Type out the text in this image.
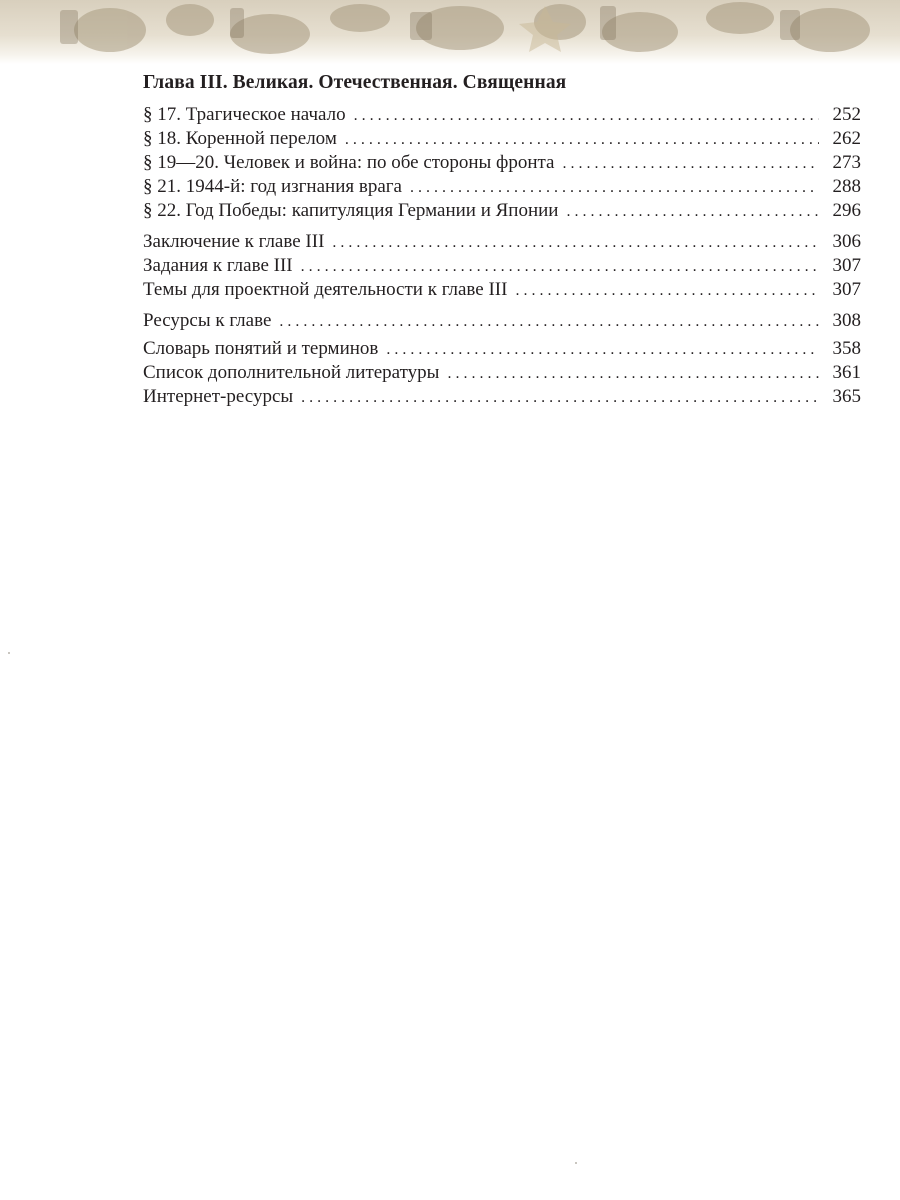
Глава III. Великая. Отечественная. Священная
§ 17. Трагическое начало . . .	252
§ 18. Коренной перелом . . .	262
§ 19—20. Человек и война: по обе стороны фронта . . .	273
§ 21. 1944-й: год изгнания врага . . .	288
§ 22. Год Победы: капитуляция Германии и Японии . . .	296
Заключение к главе III . . .	306
Задания к главе III . . .	307
Темы для проектной деятельности к главе III . . .	307
Ресурсы к главе . . .	308
Словарь понятий и терминов . . .	358
Список дополнительной литературы . . .	361
Интернет-ресурсы . . .	365
